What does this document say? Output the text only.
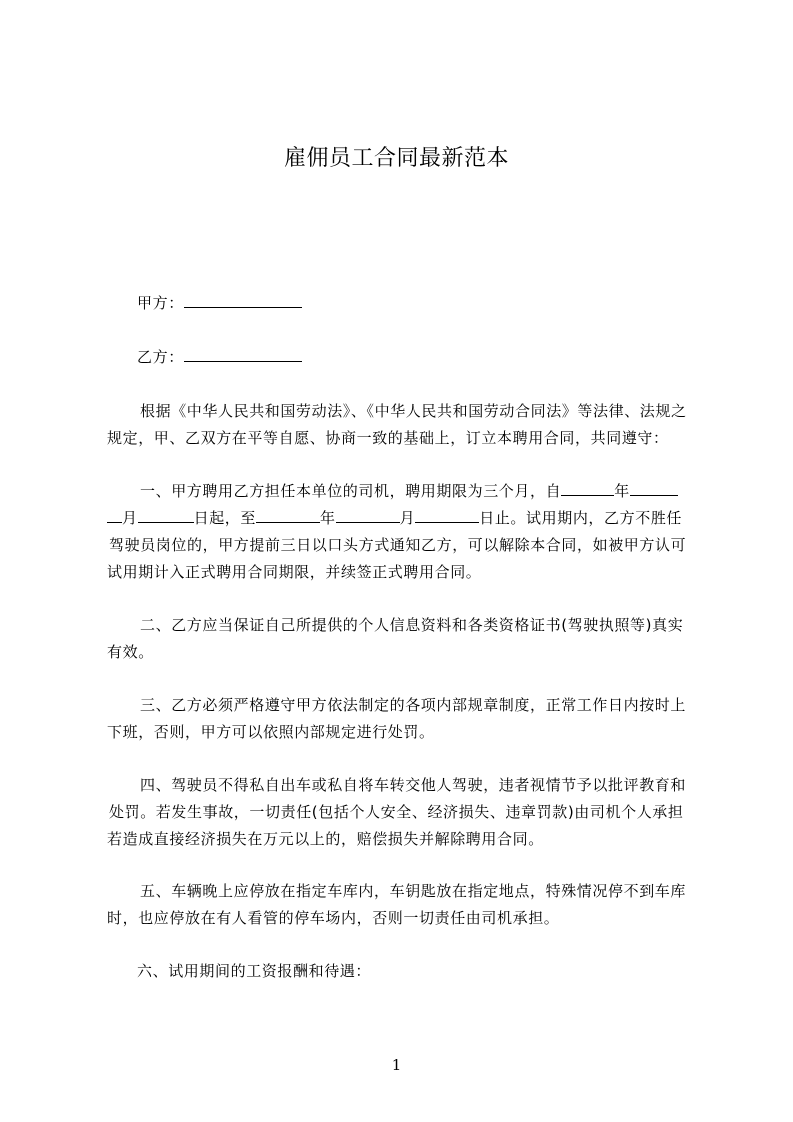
雇佣员工合同最新范本
甲方：
乙方：
根据《中华人民共和国劳动法》、《中华人民共和国劳动合同法》等法律、法规之
规定，甲、乙双方在平等自愿、协商一致的基础上，订立本聘用合同，共同遵守：
一、甲方聘用乙方担任本单位的司机，聘用期限为三个月，自	年
月	日起，至	年	月	日止。试用期内，乙方不胜任
驾驶员岗位的，甲方提前三日以口头方式通知乙方，可以解除本合同，如被甲方认可
试用期计入正式聘用合同期限，并续签正式聘用合同。
二、乙方应当保证自己所提供的个人信息资料和各类资格证书(驾驶执照等)真实
有效。
三、乙方必须严格遵守甲方依法制定的各项内部规章制度，正常工作日内按时上
下班，否则，甲方可以依照内部规定进行处罚。
四、驾驶员不得私自出车或私自将车转交他人驾驶，违者视情节予以批评教育和
处罚。若发生事故，一切责任(包括个人安全、经济损失、违章罚款)由司机个人承担
若造成直接经济损失在万元以上的，赔偿损失并解除聘用合同。
五、车辆晚上应停放在指定车库内，车钥匙放在指定地点，特殊情况停不到车库
时，也应停放在有人看管的停车场内，否则一切责任由司机承担。
六、试用期间的工资报酬和待遇：
1
